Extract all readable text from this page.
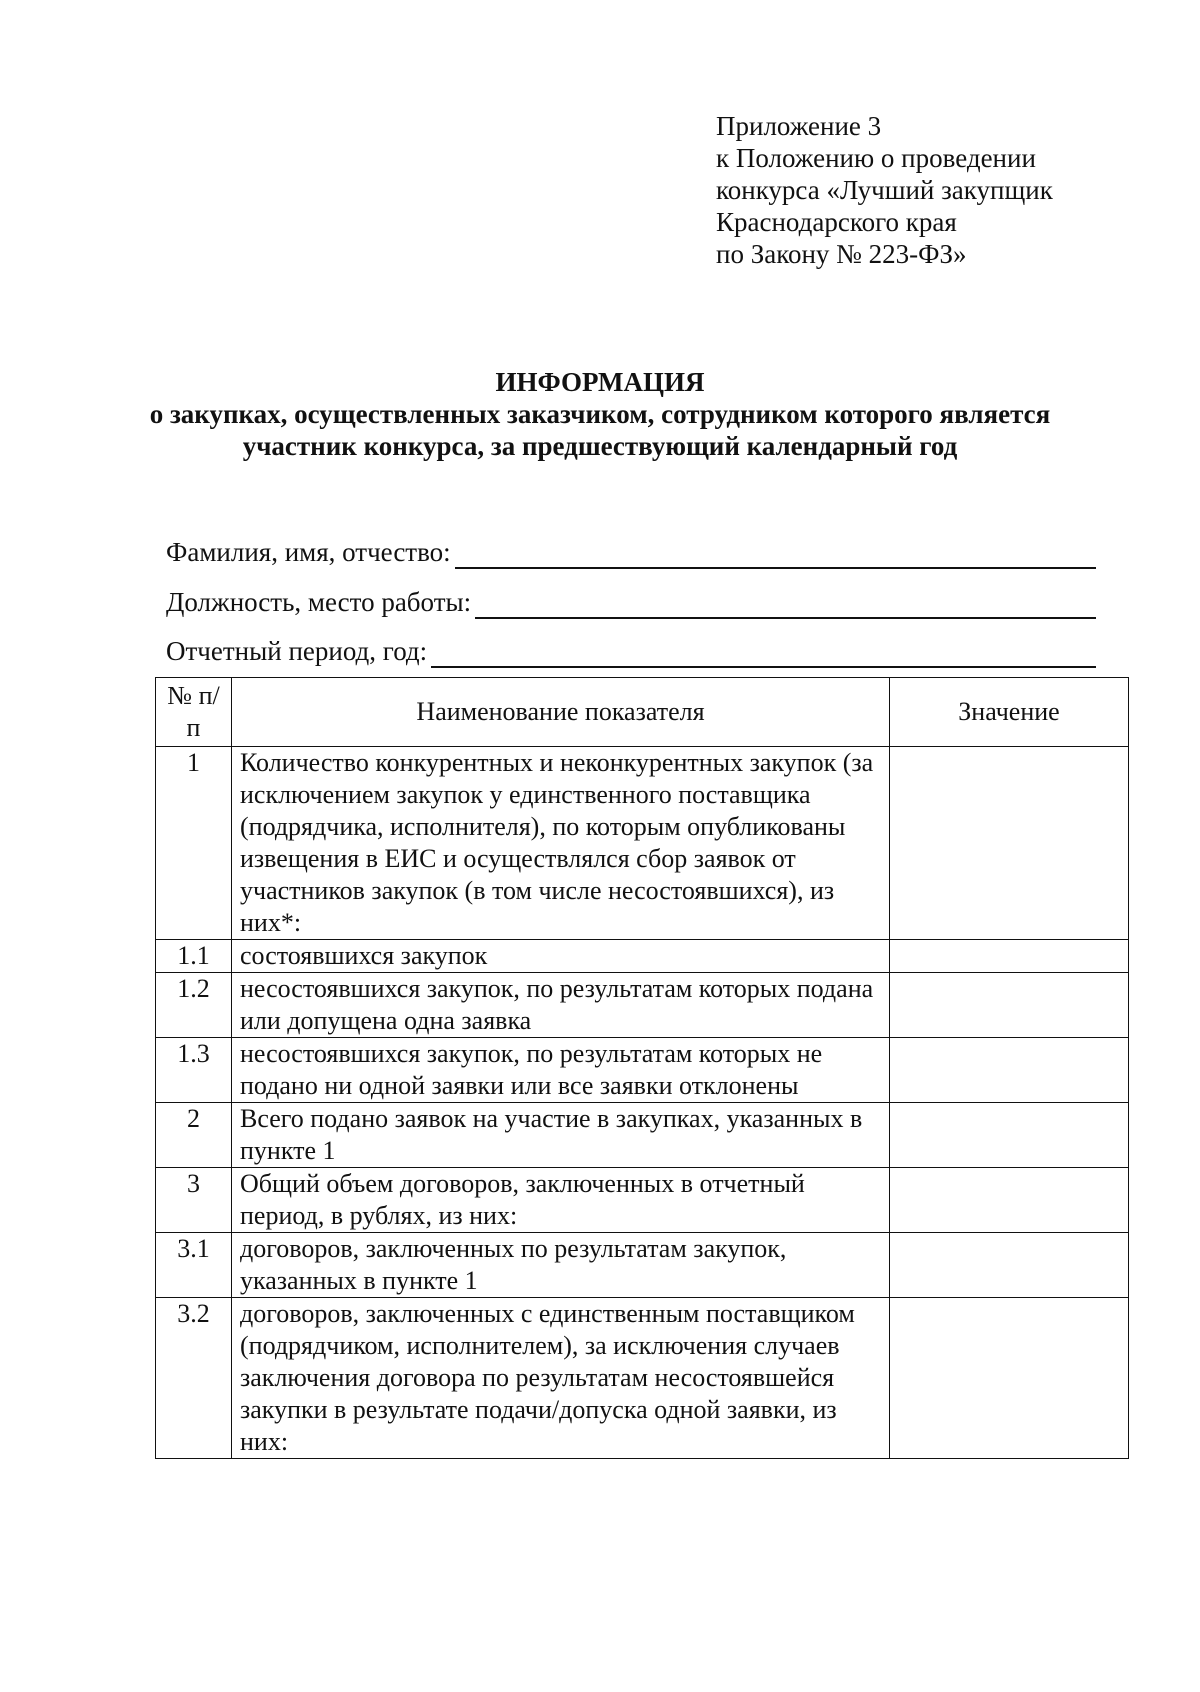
Приложение 3
к Положению о проведении
конкурса «Лучший закупщик
Краснодарского края
по Закону № 223-ФЗ»
ИНФОРМАЦИЯ
о закупках, осуществленных заказчиком, сотрудником которого является
участник конкурса, за предшествующий календарный год
Фамилия, имя, отчество:
Должность, место работы:
Отчетный период, год:
№ п/п	Наименование показателя	Значение
1	Количество конкурентных и неконкурентных закупок (за исключением закупок у единственного поставщика (подрядчика, исполнителя), по которым опубликованы извещения в ЕИС и осуществлялся сбор заявок от участников закупок (в том числе несостоявшихся), из них*:	
1.1	состоявшихся закупок	
1.2	несостоявшихся закупок, по результатам которых подана или допущена одна заявка	
1.3	несостоявшихся закупок, по результатам которых не подано ни одной заявки или все заявки отклонены	
2	Всего подано заявок на участие в закупках, указанных в пункте 1	
3	Общий объем договоров, заключенных в отчетный период, в рублях, из них:	
3.1	договоров, заключенных по результатам закупок, указанных в пункте 1	
3.2	договоров, заключенных с единственным поставщиком (подрядчиком, исполнителем), за исключения случаев заключения договора по результатам несостоявшейся закупки в результате подачи/допуска одной заявки, из них:	
